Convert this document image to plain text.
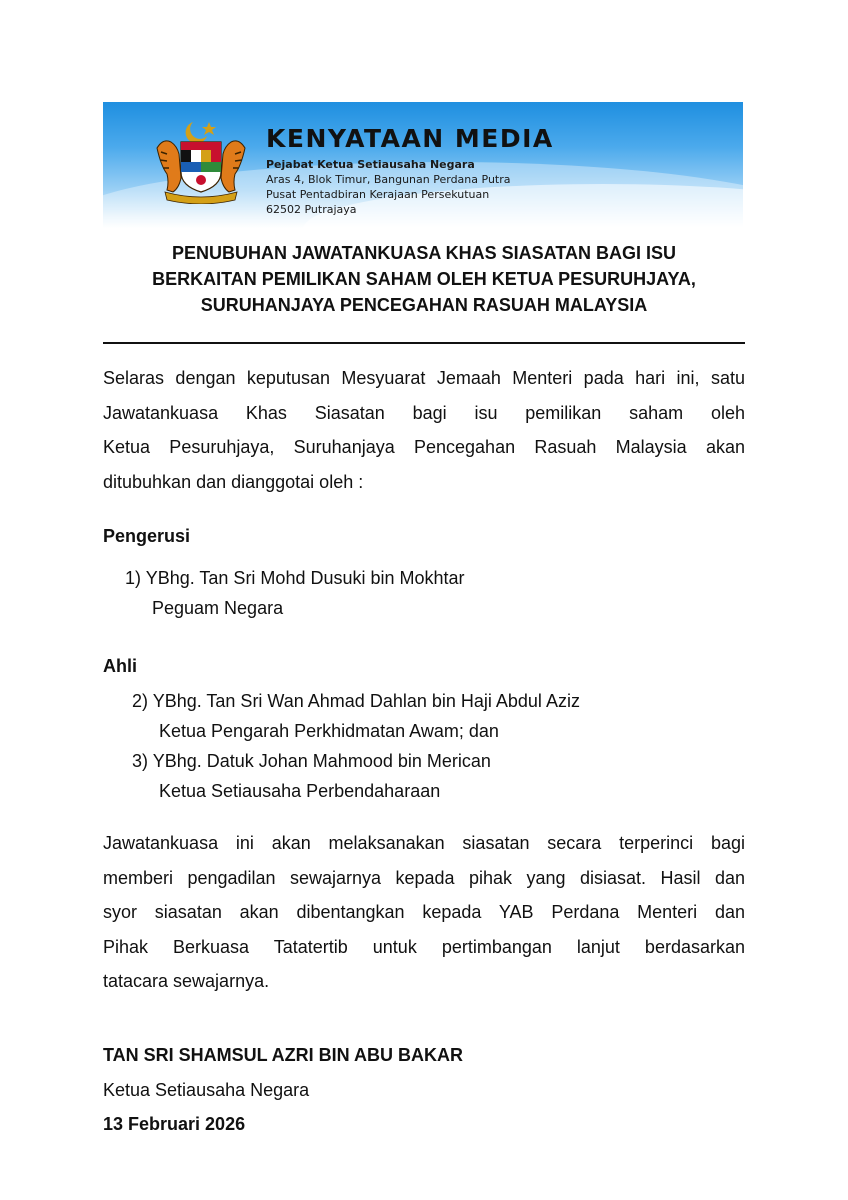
KENYATAAN MEDIA
Pejabat Ketua Setiausaha Negara
Aras 4, Blok Timur, Bangunan Perdana Putra
Pusat Pentadbiran Kerajaan Persekutuan
62502 Putrajaya
PENUBUHAN JAWATANKUASA KHAS SIASATAN BAGI ISU
BERKAITAN PEMILIKAN SAHAM OLEH KETUA PESURUHJAYA,
SURUHANJAYA PENCEGAHAN RASUAH MALAYSIA
Selaras dengan keputusan Mesyuarat Jemaah Menteri pada hari ini, satu
Jawatankuasa Khas Siasatan bagi isu pemilikan saham oleh
Ketua Pesuruhjaya, Suruhanjaya Pencegahan Rasuah Malaysia akan
ditubuhkan dan dianggotai oleh :
Pengerusi
1) YBhg. Tan Sri Mohd Dusuki bin Mokhtar
Peguam Negara
Ahli
2) YBhg. Tan Sri Wan Ahmad Dahlan bin Haji Abdul Aziz
Ketua Pengarah Perkhidmatan Awam; dan
3) YBhg. Datuk Johan Mahmood bin Merican
Ketua Setiausaha Perbendaharaan
Jawatankuasa ini akan melaksanakan siasatan secara terperinci bagi
memberi pengadilan sewajarnya kepada pihak yang disiasat. Hasil dan
syor siasatan akan dibentangkan kepada YAB Perdana Menteri dan
Pihak Berkuasa Tatatertib untuk pertimbangan lanjut berdasarkan
tatacara sewajarnya.
TAN SRI SHAMSUL AZRI BIN ABU BAKAR
Ketua Setiausaha Negara
13 Februari 2026
